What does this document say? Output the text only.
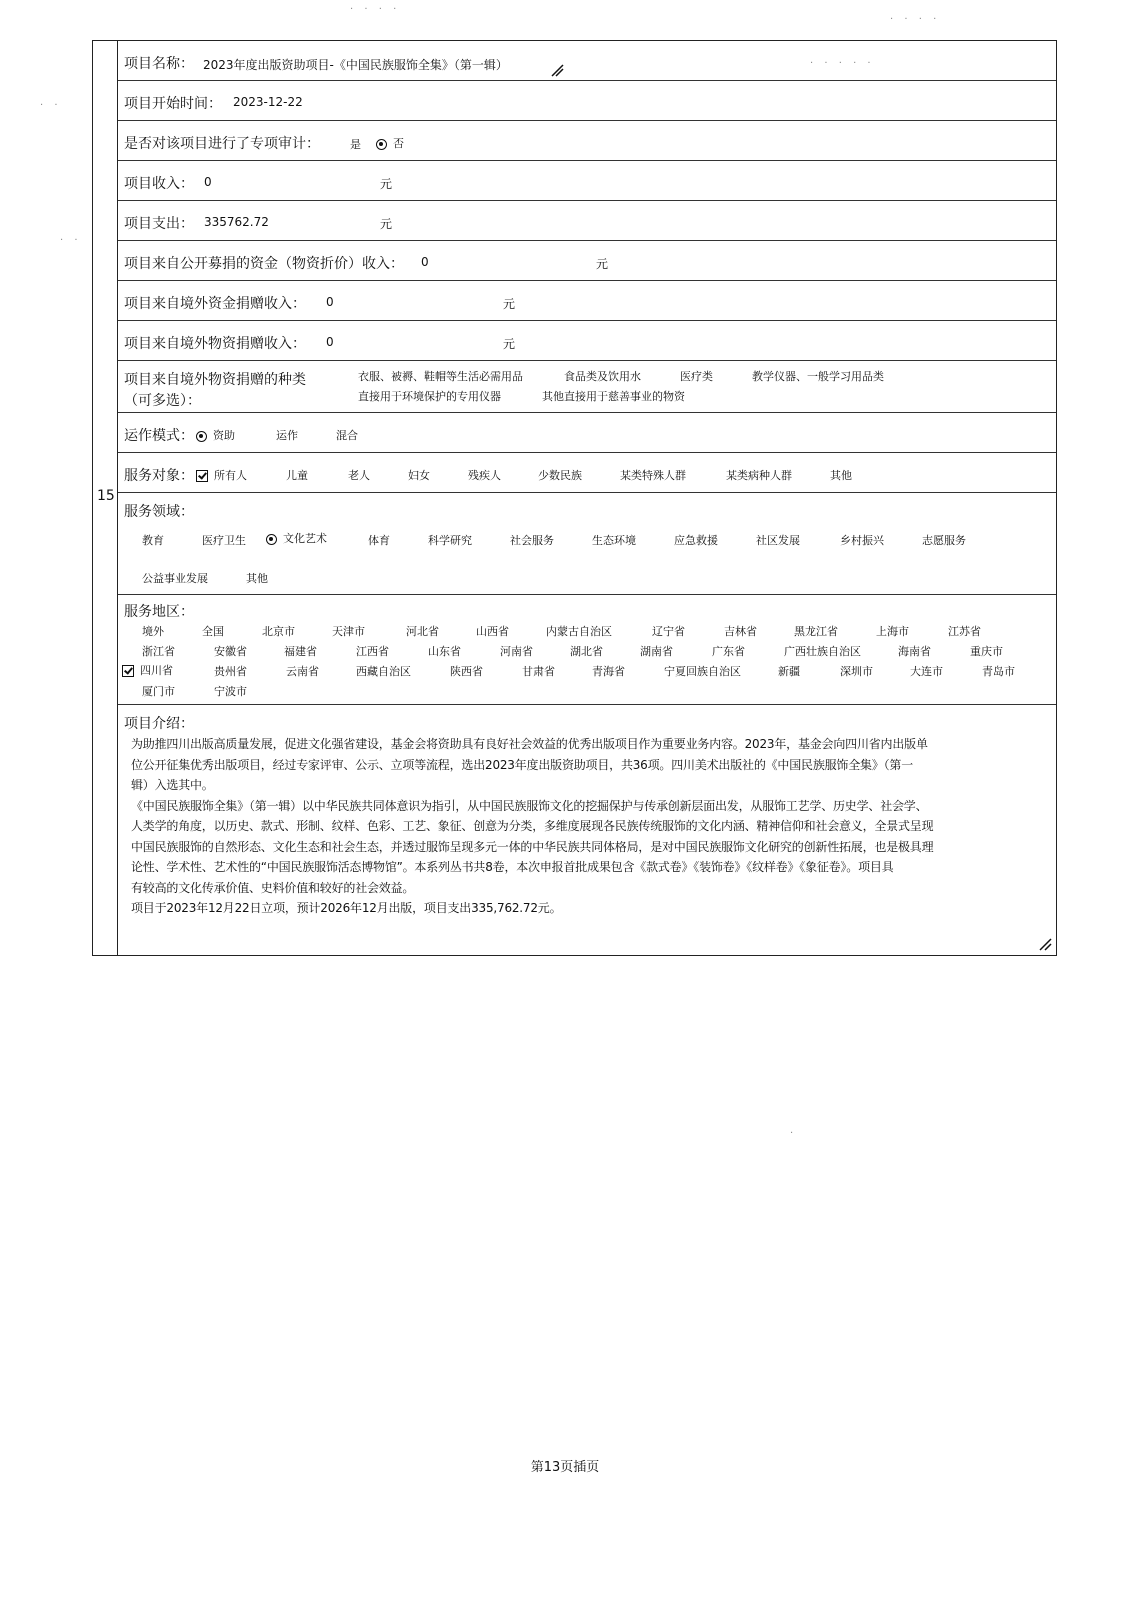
项目名称： 2023年度出版资助项目-《中国民族服饰全集》（第一辑）
项目开始时间： 2023-12-22
是否对该项目进行了专项审计：	是	否
项目收入： 0	元
项目支出： 335762.72	元
项目来自公开募捐的资金（物资折价）收入： 0	元
项目来自境外资金捐赠收入： 0	元
项目来自境外物资捐赠收入： 0	元
项目来自境外物资捐赠的种类
（可多选）：
衣服、被褥、鞋帽等生活必需用品	食品类及饮用水	医疗类	教学仪器、一般学习用品类
直接用于环境保护的专用仪器	其他直接用于慈善事业的物资
运作模式：	资助	运作	混合
服务对象：	所有人	儿童	老人	妇女	残疾人	少数民族	某类特殊人群	某类病种人群	其他
服务领域：
教育	医疗卫生	文化艺术	体育	科学研究	社会服务	生态环境	应急救援	社区发展	乡村振兴	志愿服务
公益事业发展	其他
服务地区：
境外	全国	北京市	天津市	河北省	山西省	内蒙古自治区	辽宁省	吉林省	黑龙江省	上海市	江苏省
浙江省	安徽省	福建省	江西省	山东省	河南省	湖北省	湖南省	广东省	广西壮族自治区	海南省	重庆市
四川省	贵州省	云南省	西藏自治区	陕西省	甘肃省	青海省	宁夏回族自治区	新疆	深圳市	大连市	青岛市
厦门市	宁波市
项目介绍：
15
为助推四川出版高质量发展，促进文化强省建设，基金会将资助具有良好社会效益的优秀出版项目作为重要业务内容。2023年，基金会向四川省内出版单
位公开征集优秀出版项目，经过专家评审、公示、立项等流程，选出2023年度出版资助项目，共36项。四川美术出版社的《中国民族服饰全集》（第一
辑）入选其中。
《中国民族服饰全集》（第一辑）以中华民族共同体意识为指引，从中国民族服饰文化的挖掘保护与传承创新层面出发，从服饰工艺学、历史学、社会学、
人类学的角度，以历史、款式、形制、纹样、色彩、工艺、象征、创意为分类，多维度展现各民族传统服饰的文化内涵、精神信仰和社会意义，全景式呈现
中国民族服饰的自然形态、文化生态和社会生态，并透过服饰呈现多元一体的中华民族共同体格局，是对中国民族服饰文化研究的创新性拓展，也是极具理
论性、学术性、艺术性的“中国民族服饰活态博物馆”。本系列丛书共8卷，本次申报首批成果包含《款式卷》《装饰卷》《纹样卷》《象征卷》。项目具
有较高的文化传承价值、史料价值和较好的社会效益。
项目于2023年12月22日立项，预计2026年12月出版，项目支出335,762.72元。
第13页插页
· · · ·
· · · ·
· · · · ·
· ·
· ·
·
